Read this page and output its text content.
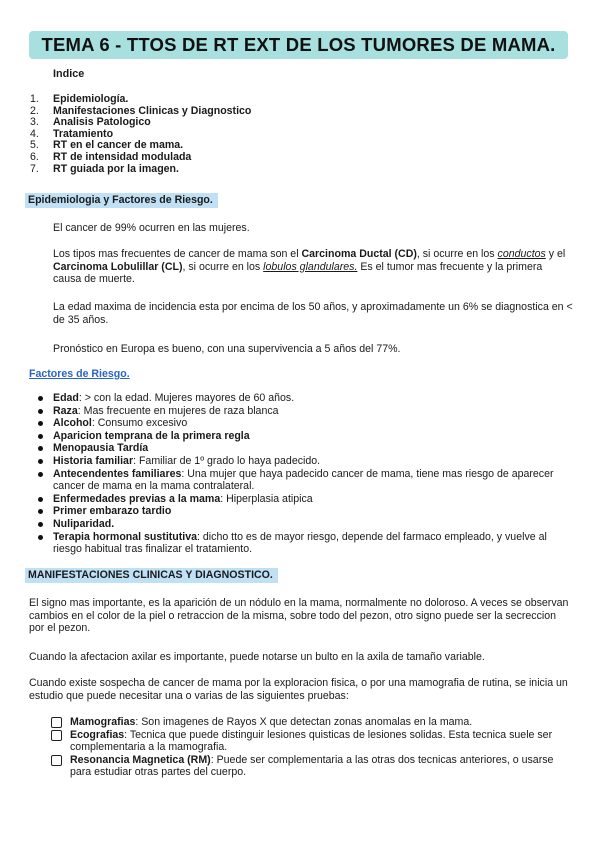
TEMA 6 - TTOS DE RT EXT DE LOS TUMORES DE MAMA.
Indice
1. Epidemiología.
2. Manifestaciones Clinicas y Diagnostico
3. Analisis Patologico
4. Tratamiento
5. RT en el cancer de mama.
6. RT de intensidad modulada
7. RT guiada por la imagen.
Epidemiologia y Factores de Riesgo.
El cancer de 99% ocurren en las mujeres.
Los tipos mas frecuentes de cancer de mama son el Carcinoma Ductal (CD), si ocurre en los conductos y el Carcinoma Lobulillar (CL), si ocurre en los lobulos glandulares. Es el tumor mas frecuente y la primera causa de muerte.
La edad maxima de incidencia esta por encima de los 50 años, y aproximadamente un 6% se diagnostica en < de 35 años.
Pronóstico en Europa es bueno, con una supervivencia a 5 años del 77%.
Factores de Riesgo.
Edad: > con la edad. Mujeres mayores de 60 años.
Raza: Mas frecuente en mujeres de raza blanca
Alcohol: Consumo excesivo
Aparicion temprana de la primera regla
Menopausia Tardía
Historia familiar: Familiar de 1º grado lo haya padecido.
Antecendentes familiares: Una mujer que haya padecido cancer de mama, tiene mas riesgo de aparecer cancer de mama en la mama contralateral.
Enfermedades previas a la mama: Hiperplasia atipica
Primer embarazo tardio
Nuliparidad.
Terapia hormonal sustitutiva: dicho tto es de mayor riesgo, depende del farmaco empleado, y vuelve al riesgo habitual tras finalizar el tratamiento.
MANIFESTACIONES CLINICAS Y DIAGNOSTICO.
El signo mas importante, es la aparición de un nódulo en la mama, normalmente no doloroso. A veces se observan cambios en el color de la piel o retraccion de la misma, sobre todo del pezon, otro signo puede ser la secreccion por el pezon.
Cuando la afectacion axilar es importante, puede notarse un bulto en la axila de tamaño variable.
Cuando existe sospecha de cancer de mama por la exploracion fisica, o por una mamografia de rutina, se inicia un estudio que puede necesitar una o varias de las siguientes pruebas:
Mamografias: Son imagenes de Rayos X que detectan zonas anomalas en la mama.
Ecografias: Tecnica que puede distinguir lesiones quisticas de lesiones solidas. Esta tecnica suele ser complementaria a la mamografia.
Resonancia Magnetica (RM): Puede ser complementaria a las otras dos tecnicas anteriores, o usarse para estudiar otras partes del cuerpo.
